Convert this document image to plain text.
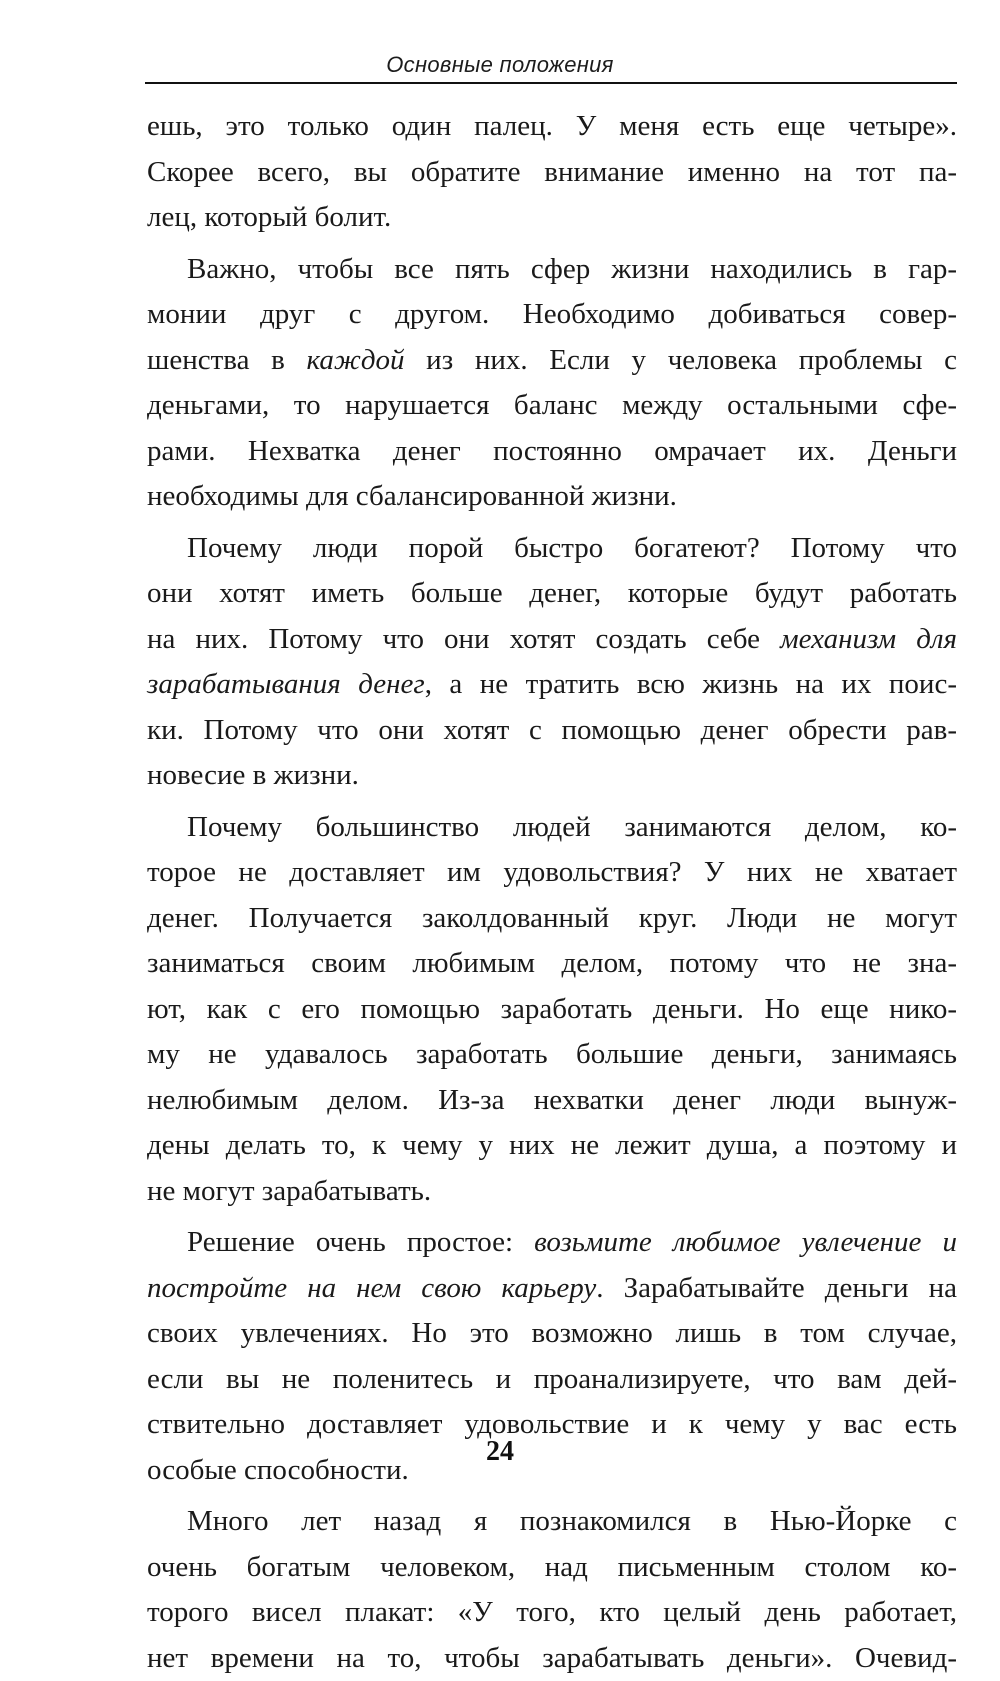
Основные положения
ешь, это только один палец. У меня есть еще четыре».
Скорее всего, вы обратите внимание именно на тот па-
лец, который болит.
Важно, чтобы все пять сфер жизни находились в гар-
монии друг с другом. Необходимо добиваться совер-
шенства в каждой из них. Если у человека проблемы с
деньгами, то нарушается баланс между остальными сфе-
рами. Нехватка денег постоянно омрачает их. Деньги
необходимы для сбалансированной жизни.
Почему люди порой быстро богатеют? Потому что
они хотят иметь больше денег, которые будут работать
на них. Потому что они хотят создать себе механизм для
зарабатывания денег, а не тратить всю жизнь на их поис-
ки. Потому что они хотят с помощью денег обрести рав-
новесие в жизни.
Почему большинство людей занимаются делом, ко-
торое не доставляет им удовольствия? У них не хватает
денег. Получается заколдованный круг. Люди не могут
заниматься своим любимым делом, потому что не зна-
ют, как с его помощью заработать деньги. Но еще нико-
му не удавалось заработать большие деньги, занимаясь
нелюбимым делом. Из-за нехватки денег люди вынуж-
дены делать то, к чему у них не лежит душа, а поэтому и
не могут зарабатывать.
Решение очень простое: возьмите любимое увлечение и
постройте на нем свою карьеру. Зарабатывайте деньги на
своих увлечениях. Но это возможно лишь в том случае,
если вы не поленитесь и проанализируете, что вам дей-
ствительно доставляет удовольствие и к чему у вас есть
особые способности.
Много лет назад я познакомился в Нью-Йорке с
очень богатым человеком, над письменным столом ко-
торого висел плакат: «У того, кто целый день работает,
нет времени на то, чтобы зарабатывать деньги». Очевид-
24
